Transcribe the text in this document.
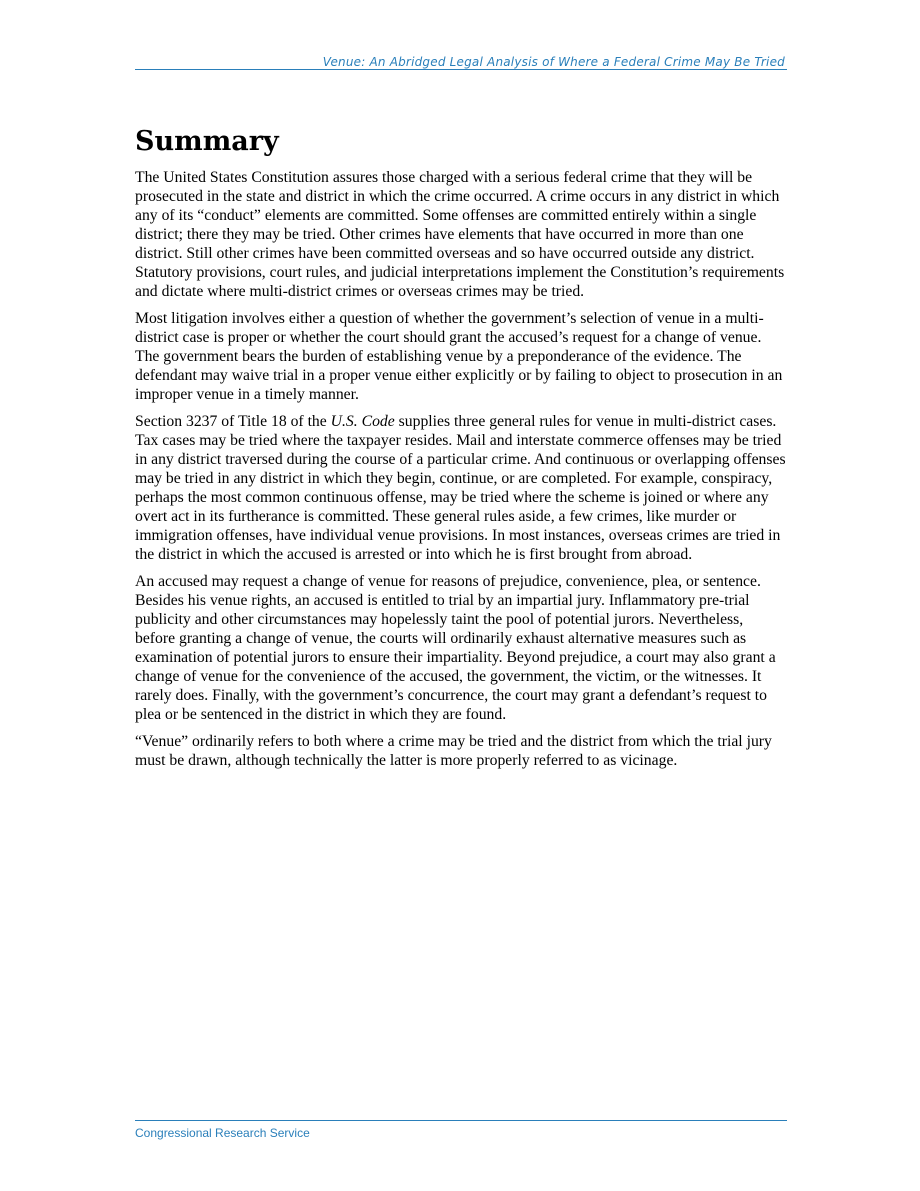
Venue: An Abridged Legal Analysis of Where a Federal Crime May Be Tried
Summary

The United States Constitution assures those charged with a serious federal crime that they will be prosecuted in the state and district in which the crime occurred. A crime occurs in any district in which any of its “conduct” elements are committed. Some offenses are committed entirely within a single district; there they may be tried. Other crimes have elements that have occurred in more than one district. Still other crimes have been committed overseas and so have occurred outside any district. Statutory provisions, court rules, and judicial interpretations implement the Constitution’s requirements and dictate where multi-district crimes or overseas crimes may be tried.

Most litigation involves either a question of whether the government’s selection of venue in a multi-district case is proper or whether the court should grant the accused’s request for a change of venue. The government bears the burden of establishing venue by a preponderance of the evidence. The defendant may waive trial in a proper venue either explicitly or by failing to object to prosecution in an improper venue in a timely manner.

Section 3237 of Title 18 of the U.S. Code supplies three general rules for venue in multi-district cases. Tax cases may be tried where the taxpayer resides. Mail and interstate commerce offenses may be tried in any district traversed during the course of a particular crime. And continuous or overlapping offenses may be tried in any district in which they begin, continue, or are completed. For example, conspiracy, perhaps the most common continuous offense, may be tried where the scheme is joined or where any overt act in its furtherance is committed. These general rules aside, a few crimes, like murder or immigration offenses, have individual venue provisions. In most instances, overseas crimes are tried in the district in which the accused is arrested or into which he is first brought from abroad.

An accused may request a change of venue for reasons of prejudice, convenience, plea, or sentence. Besides his venue rights, an accused is entitled to trial by an impartial jury. Inflammatory pre-trial publicity and other circumstances may hopelessly taint the pool of potential jurors. Nevertheless, before granting a change of venue, the courts will ordinarily exhaust alternative measures such as examination of potential jurors to ensure their impartiality. Beyond prejudice, a court may also grant a change of venue for the convenience of the accused, the government, the victim, or the witnesses. It rarely does. Finally, with the government’s concurrence, the court may grant a defendant’s request to plea or be sentenced in the district in which they are found.

“Venue” ordinarily refers to both where a crime may be tried and the district from which the trial jury must be drawn, although technically the latter is more properly referred to as vicinage.

Congressional Research Service
